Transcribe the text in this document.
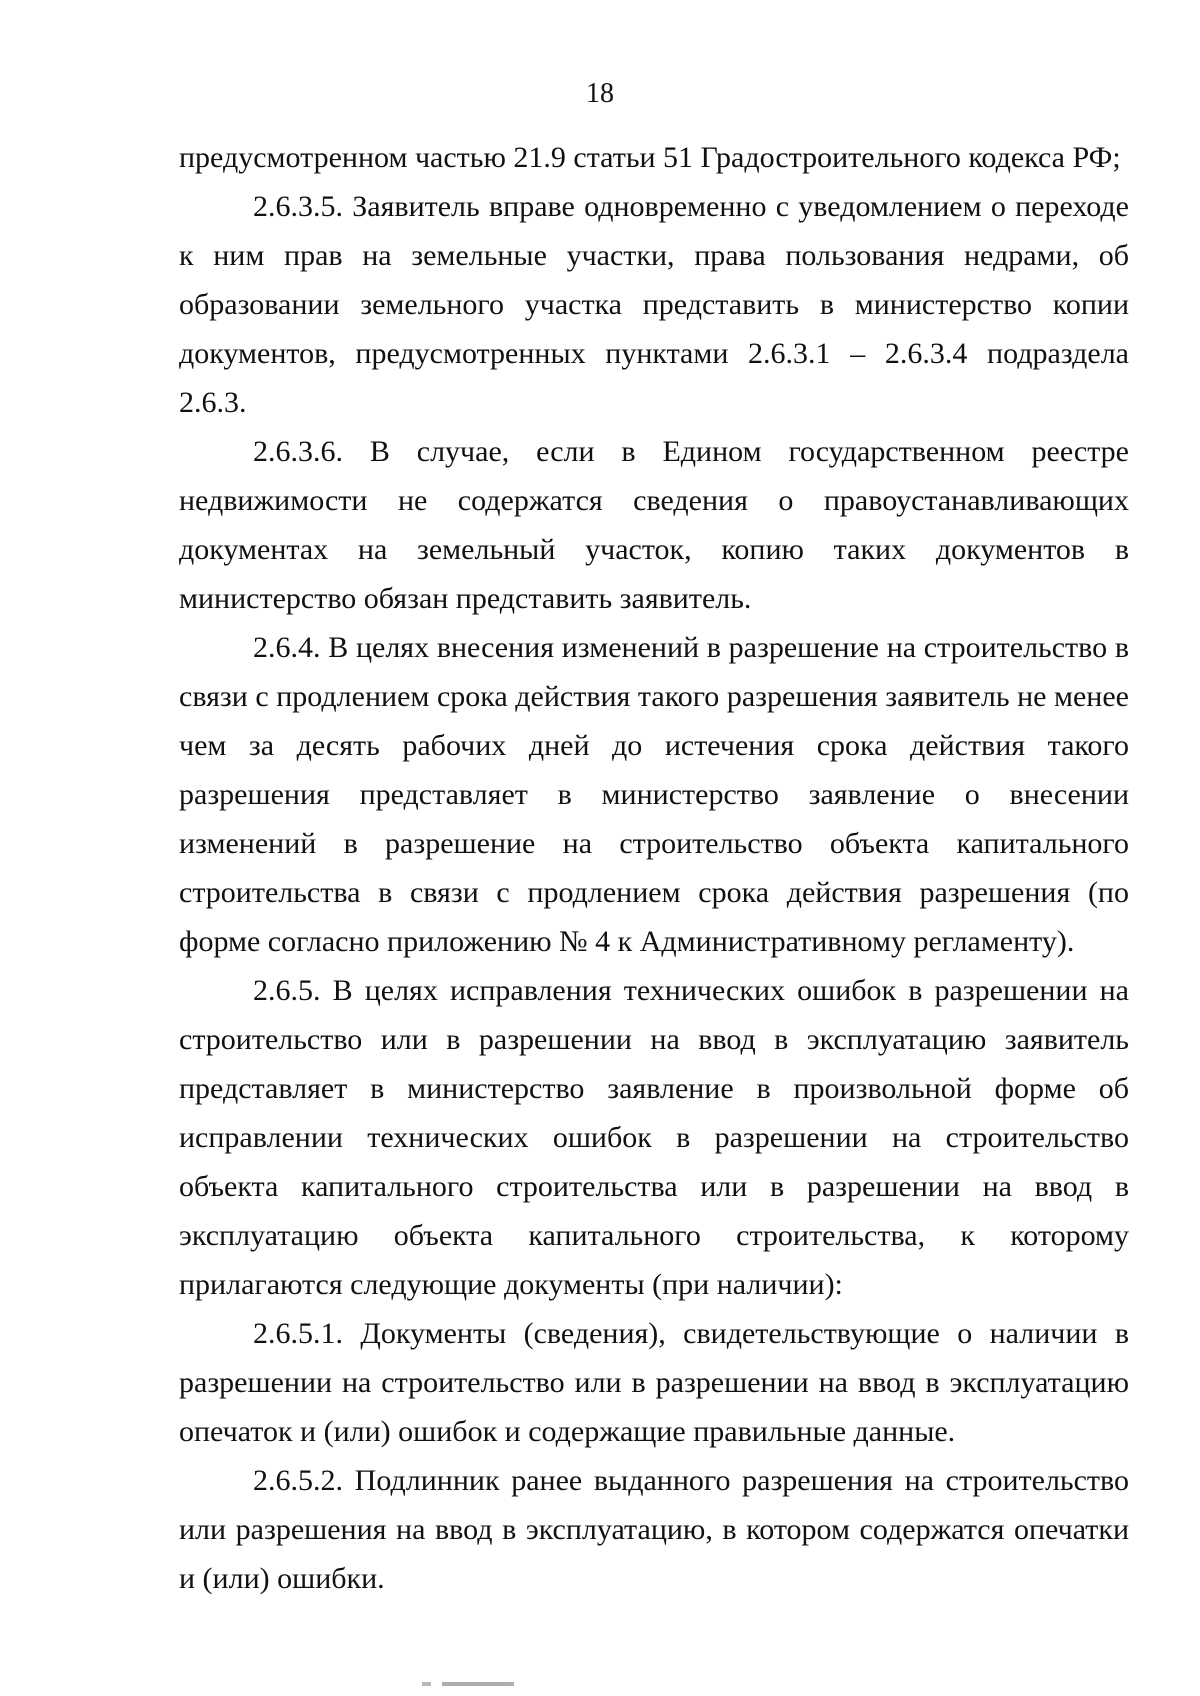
18

предусмотренном частью 21.9 статьи 51 Градостроительного кодекса РФ;

2.6.3.5. Заявитель вправе одновременно с уведомлением о переходе к ним прав на земельные участки, права пользования недрами, об образовании земельного участка представить в министерство копии документов, предусмотренных пунктами 2.6.3.1 – 2.6.3.4 подраздела 2.6.3.

2.6.3.6. В случае, если в Едином государственном реестре недвижимости не содержатся сведения о правоустанавливающих документах на земельный участок, копию таких документов в министерство обязан представить заявитель.

2.6.4. В целях внесения изменений в разрешение на строительство в связи с продлением срока действия такого разрешения заявитель не менее чем за десять рабочих дней до истечения срока действия такого разрешения представляет в министерство заявление о внесении изменений в разрешение на строительство объекта капитального строительства в связи с продлением срока действия разрешения (по форме согласно приложению № 4 к Административному регламенту).

2.6.5. В целях исправления технических ошибок в разрешении на строительство или в разрешении на ввод в эксплуатацию заявитель представляет в министерство заявление в произвольной форме об исправлении технических ошибок в разрешении на строительство объекта капитального строительства или в разрешении на ввод в эксплуатацию объекта капитального строительства, к которому прилагаются следующие документы (при наличии):

2.6.5.1. Документы (сведения), свидетельствующие о наличии в разрешении на строительство или в разрешении на ввод в эксплуатацию опечаток и (или) ошибок и содержащие правильные данные.

2.6.5.2. Подлинник ранее выданного разрешения на строительство или разрешения на ввод в эксплуатацию, в котором содержатся опечатки и (или) ошибки.
